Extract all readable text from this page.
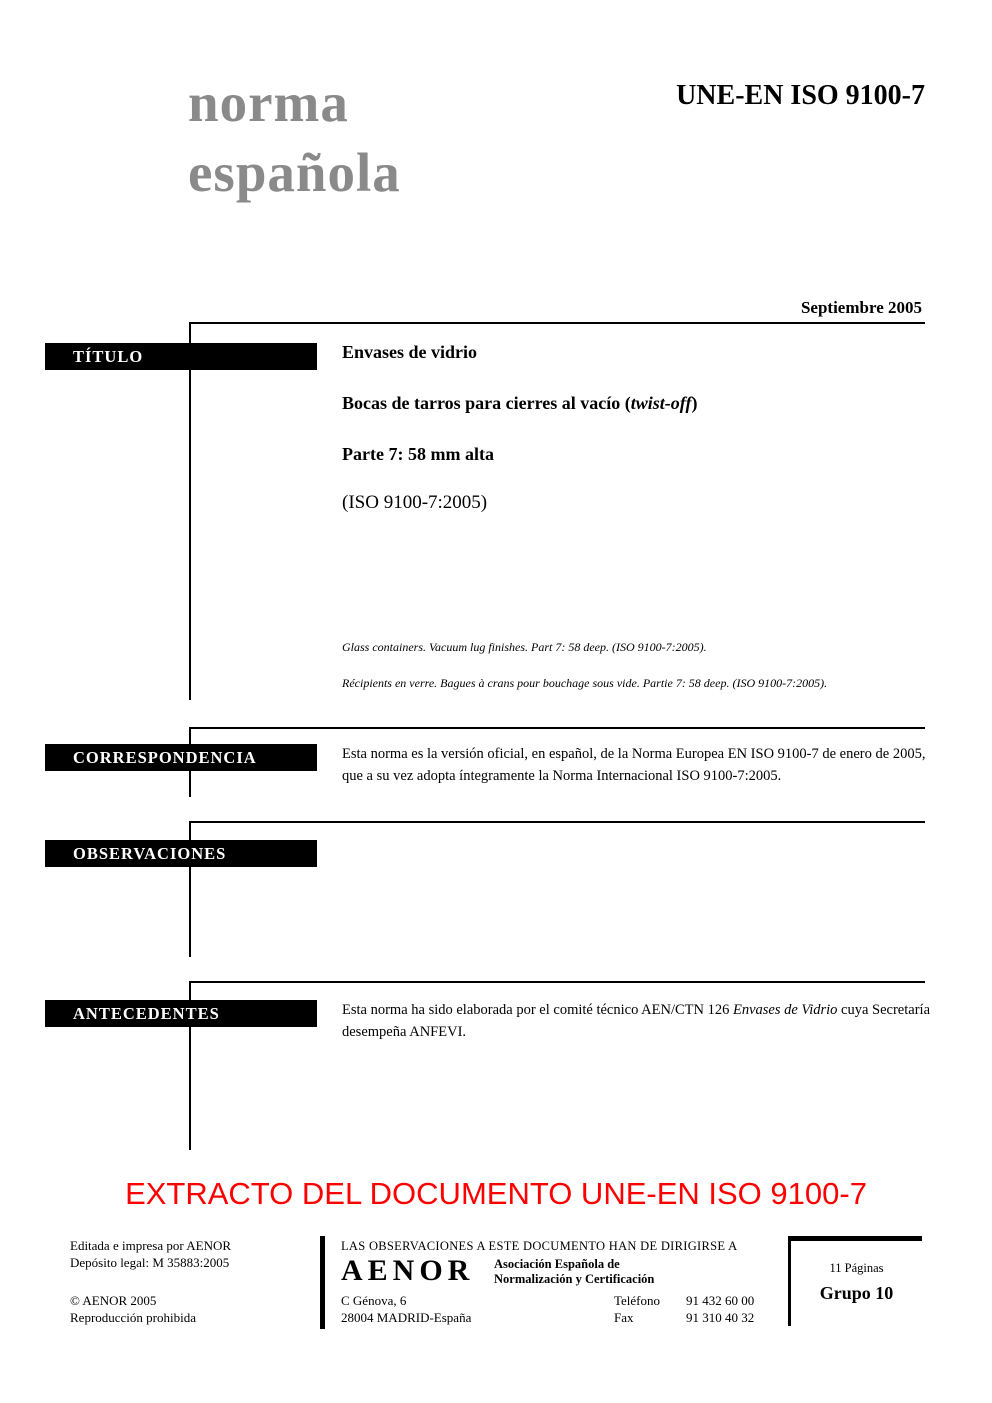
norma
española
UNE-EN ISO 9100-7
Septiembre 2005
TÍTULO
CORRESPONDENCIA
OBSERVACIONES
ANTECEDENTES
Envases de vidrio
Bocas de tarros para cierres al vacío (twist-off)
Parte 7: 58 mm alta
(ISO 9100-7:2005)
Glass containers. Vacuum lug finishes. Part 7: 58 deep. (ISO 9100-7:2005).
Récipients en verre. Bagues à crans pour bouchage sous vide. Partie 7: 58 deep. (ISO 9100-7:2005).
Esta norma es la versión oficial, en español, de la Norma Europea EN ISO 9100-7 de enero de 2005, que a su vez adopta íntegramente la Norma Internacional ISO 9100-7:2005.
Esta norma ha sido elaborada por el comité técnico AEN/CTN 126 Envases de Vidrio cuya Secretaría desempeña ANFEVI.
EXTRACTO DEL DOCUMENTO UNE-EN ISO 9100-7
Editada e impresa por AENOR
Depósito legal: M 35883:2005
© AENOR 2005
Reproducción prohibida
LAS OBSERVACIONES A ESTE DOCUMENTO HAN DE DIRIGIRSE A
AENOR Asociación Española de
Normalización y Certificación
C Génova, 6
28004 MADRID-España
Teléfono
Fax
91 432 60 00
91 310 40 32
11 Páginas
Grupo 10
